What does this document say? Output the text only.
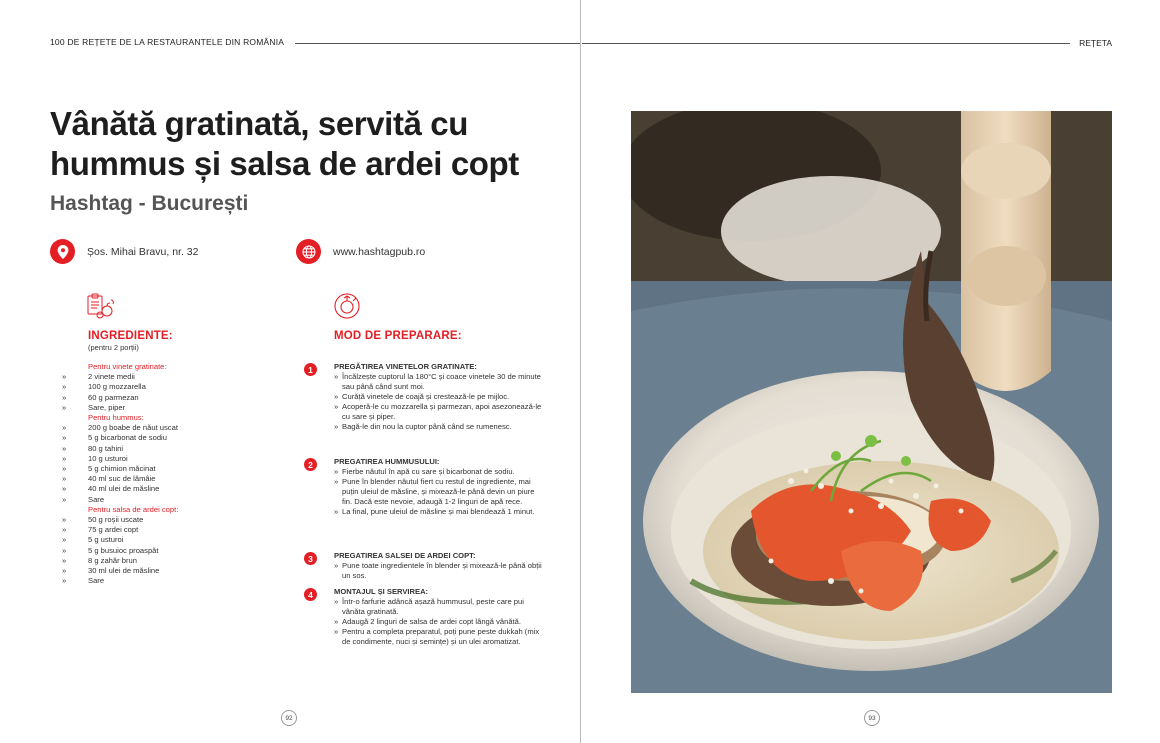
100 DE REȚETE DE LA RESTAURANTELE DIN ROMÂNIA	REȚETA
Vânătă gratinată, servită cu hummus și salsa de ardei copt
Hashtag - București
Șos. Mihai Bravu, nr. 32	www.hashtagpub.ro
INGREDIENTE:
(pentru 2 porții)
Pentru vinete gratinate:
»	2 vinete medii
»	100 g mozzarella
»	60 g parmezan
»	Sare, piper
Pentru hummus:
»	200 g boabe de năut uscat
»	5 g bicarbonat de sodiu
»	80 g tahini
»	10 g usturoi
»	5 g chimion măcinat
»	40 ml suc de lămâie
»	40 ml ulei de măsline
»	Sare
Pentru salsa de ardei copt:
»	50 g roșii uscate
»	75 g ardei copt
»	5 g usturoi
»	5 g busuioc proaspăt
»	8 g zahăr brun
»	30 ml ulei de măsline
»	Sare
MOD DE PREPARARE:
1	PREGĂTIREA VINETELOR GRATINATE:
» Încălzește cuptorul la 180°C și coace vinetele 30 de minute sau până când sunt moi.
» Curăță vinetele de coajă și crestează-le pe mijloc.
» Acoperă-le cu mozzarella și parmezan, apoi asezonează-le cu sare și piper.
» Bagă-le din nou la cuptor până când se rumenesc.
2	PREGATIREA HUMMUSULUI:
» Fierbe năutul în apă cu sare și bicarbonat de sodiu.
» Pune în blender năutul fiert cu restul de ingrediente, mai puțin uleiul de măsline, și mixează-le până devin un piure fin. Dacă este nevoie, adaugă 1-2 linguri de apă rece.
» La final, pune uleiul de măsline și mai blendează 1 minut.
3	PREGATIREA SALSEI DE ARDEI COPT:
» Pune toate ingredientele în blender și mixează-le până obții un sos.
4	MONTAJUL ȘI SERVIREA:
» Într-o farfurie adâncă așază hummusul, peste care pui vânăta gratinată.
» Adaugă 2 linguri de salsa de ardei copt lângă vânătă.
» Pentru a completa preparatul, poți pune peste dukkah (mix de condimente, nuci și semințe) și un ulei aromatizat.
92	93
